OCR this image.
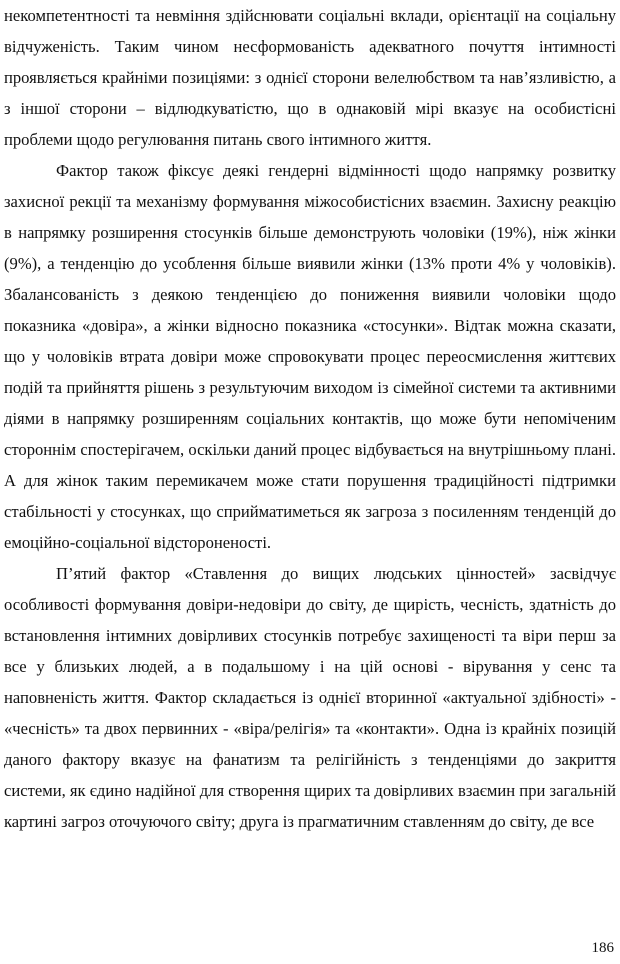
некомпетентності та невміння здійснювати соціальні вклади, орієнтації на соціальну відчуженість. Таким чином несформованість адекватного почуття інтимності проявляється крайніми позиціями: з однієї сторони велелюбством та нав’язливістю, а з іншої сторони – відлюдкуватістю, що в однаковій мірі вказує на особистісні проблеми щодо регулювання питань свого інтимного життя.

Фактор також фіксує деякі гендерні відмінності щодо напрямку розвитку захисної рекції та механізму формування міжособистісних взаємин. Захисну реакцію в напрямку розширення стосунків більше демонструють чоловіки (19%), ніж жінки (9%), а тенденцію до усоблення більше виявили жінки (13% проти 4% у чоловіків). Збалансованість з деякою тенденцією до пониження виявили чоловіки щодо показника «довіра», а жінки відносно показника «стосунки». Відтак можна сказати, що у чоловіків втрата довіри може спровокувати процес переосмислення життєвих подій та прийняття рішень з результуючим виходом із сімейної системи та активними діями в напрямку розширенням соціальних контактів, що може бути непоміченим стороннім спостерігачем, оскільки даний процес відбувається на внутрішньому плані. А для жінок таким перемикачем може стати порушення традиційності підтримки стабільності у стосунках, що сприйматиметься як загроза з посиленням тенденцій до емоційно-соціальної відстороненості.

П’ятий фактор «Ставлення до вищих людських цінностей» засвідчує особливості формування довіри-недовіри до світу, де щирість, чесність, здатність до встановлення інтимних довірливих стосунків потребує захищеності та віри перш за все у близьких людей, а в подальшому і на цій основі - вірування у сенс та наповненість життя. Фактор складається із однієї вторинної «актуальної здібності» - «чесність» та двох первинних - «віра/релігія» та «контакти». Одна із крайніх позицій даного фактору вказує на фанатизм та релігійність з тенденціями до закриття системи, як єдино надійної для створення щирих та довірливих взаємин при загальній картині загроз оточуючого світу; друга із прагматичним ставленням до світу, де все

186
